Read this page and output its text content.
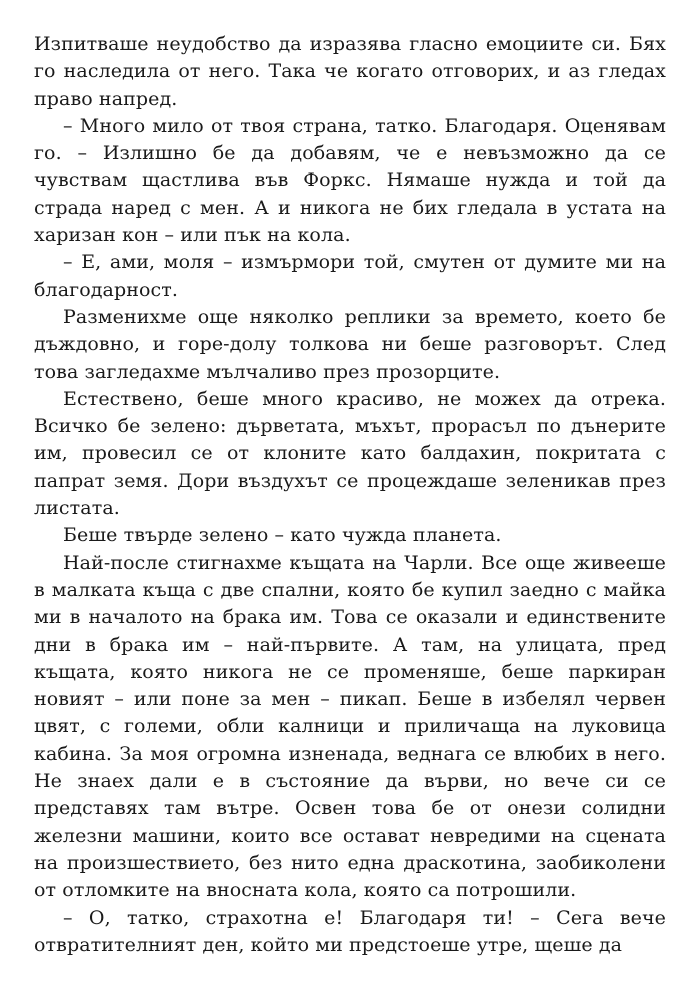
Изпитваше неудобство да изразява гласно емоциите си. Бях го наследила от него. Така че когато отговорих, и аз гледах право напред.

– Много мило от твоя страна, татко. Благодаря. Оценявам го. – Излишно бе да добавям, че е невъзможно да се чувствам щастлива във Форкс. Нямаше нужда и той да страда наред с мен. А и никога не бих гледала в устата на харизан кон – или пък на кола.

– Е, ами, моля – измърмори той, смутен от думите ми на благодарност.

Разменихме още няколко реплики за времето, което бе дъждовно, и горе-долу толкова ни беше разговорът. След това загледахме мълчаливо през прозорците.

Естествено, беше много красиво, не можех да отрека. Всичко бе зелено: дърветата, мъхът, прорасъл по дънерите им, провесил се от клоните като балдахин, покритата с папрат земя. Дори въздухът се процеждаше зеленикав през листата.

Беше твърде зелено – като чужда планета.

Най-после стигнахме къщата на Чарли. Все още живееше в малката къща с две спални, която бе купил заедно с майка ми в началото на брака им. Това се оказали и единствените дни в брака им – най-първите. А там, на улицата, пред къщата, която никога не се променяше, беше паркиран новият – или поне за мен – пикап. Беше в избелял червен цвят, с големи, обли калници и приличаща на луковица кабина. За моя огромна изненада, веднага се влюбих в него. Не знаех дали е в състояние да върви, но вече си се представях там вътре. Освен това бе от онези солидни железни машини, които все остават невредими на сцената на произшествието, без нито една драскотина, заобиколени от отломките на вносната кола, която са потрошили.

– О, татко, страхотна е! Благодаря ти! – Сега вече отвратителният ден, който ми предстоеше утре, щеше да
